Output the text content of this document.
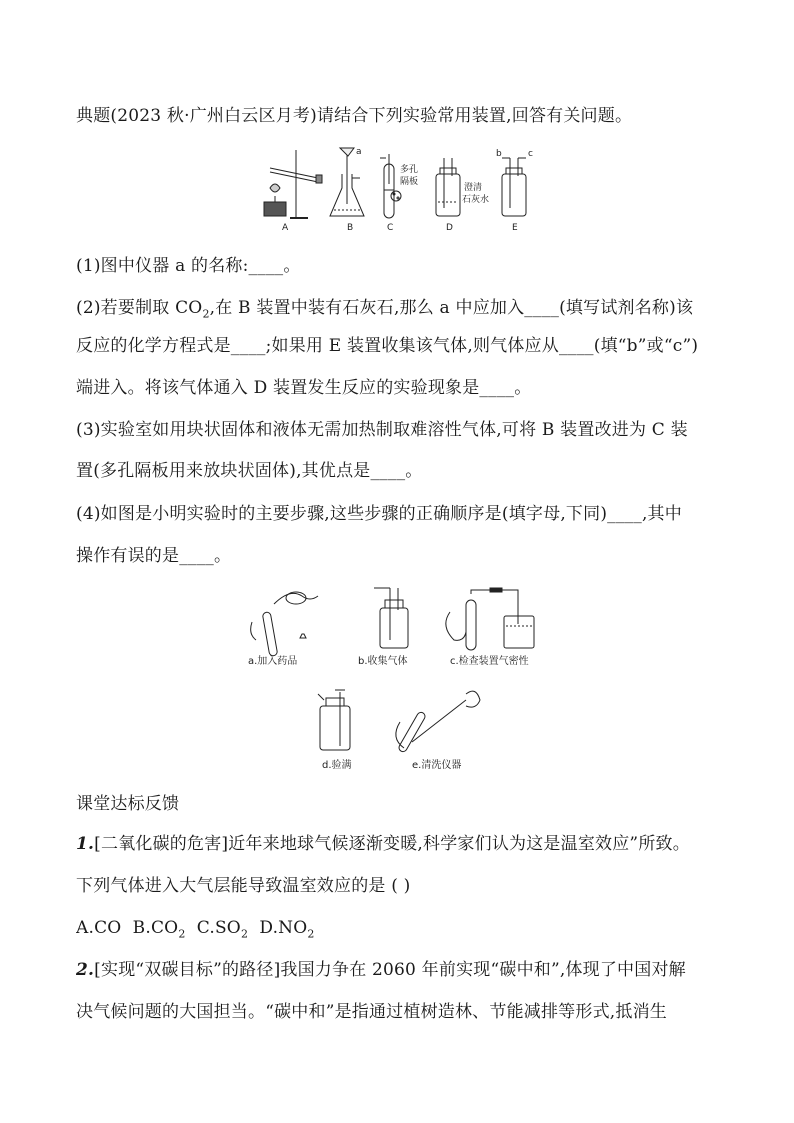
典题(2023 秋·广州白云区月考)请结合下列实验常用装置,回答有关问题。
a	b	c
多孔
隔板
澄清
石灰水
A	B	C	D	E
(1)图中仪器 a 的名称:____。
(2)若要制取 $CO_2$,在 B 装置中装有石灰石,那么 a 中应加入____(填写试剂名称)该
反应的化学方程式是____;如果用 E 装置收集该气体,则气体应从____(填“b”或“c”)
端进入。将该气体通入 D 装置发生反应的实验现象是____。
(3)实验室如用块状固体和液体无需加热制取难溶性气体,可将 B 装置改进为 C 装
置(多孔隔板用来放块状固体),其优点是____。
(4)如图是小明实验时的主要步骤,这些步骤的正确顺序是(填字母,下同)____,其中
操作有误的是____。
a.加入药品	b.收集气体	c.检查装置气密性
d.验满	e.清洗仪器
课堂达标反馈
1.[二氧化碳的危害]近年来地球气候逐渐变暖,科学家们认为这是温室效应”所致。
下列气体进入大气层能导致温室效应的是 ( )
A.CO $B.CO_2$ $C.SO_2$ $D.NO_2$
2.[实现“双碳目标”的路径]我国力争在 2060 年前实现“碳中和”,体现了中国对解
决气候问题的大国担当。“碳中和”是指通过植树造林、节能减排等形式,抵消生
